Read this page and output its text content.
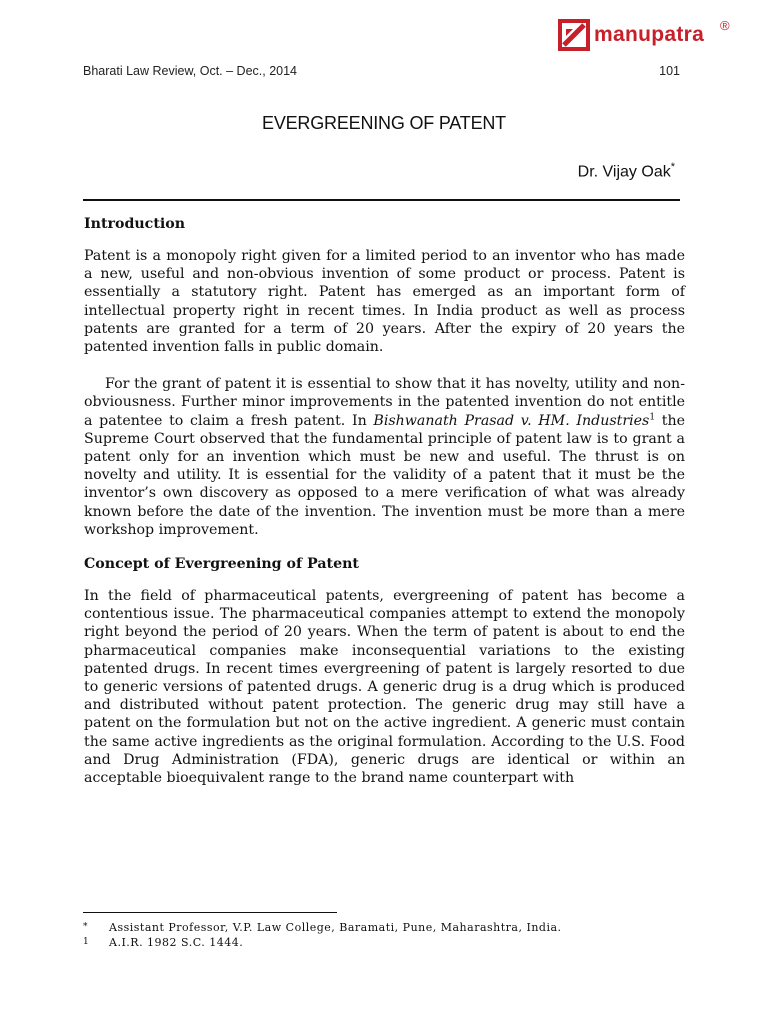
manupatra ®
Bharati Law Review, Oct. – Dec., 2014	101
EVERGREENING OF PATENT
Dr. Vijay Oak*
Introduction

Patent is a monopoly right given for a limited period to an inventor who has made a new, useful and non-obvious invention of some product or process. Patent is essentially a statutory right. Patent has emerged as an important form of intellectual property right in recent times. In India product as well as process patents are granted for a term of 20 years. After the expiry of 20 years the patented invention falls in public domain.

For the grant of patent it is essential to show that it has novelty, utility and non-obviousness. Further minor improvements in the patented invention do not entitle a patentee to claim a fresh patent. In Bishwanath Prasad v. HM. Industries$^1$ the Supreme Court observed that the fundamental principle of patent law is to grant a patent only for an invention which must be new and useful. The thrust is on novelty and utility. It is essential for the validity of a patent that it must be the inventor’s own discovery as opposed to a mere verification of what was already known before the date of the invention. The invention must be more than a mere workshop improvement.

Concept of Evergreening of Patent

In the field of pharmaceutical patents, evergreening of patent has become a contentious issue. The pharmaceutical companies attempt to extend the monopoly right beyond the period of 20 years. When the term of patent is about to end the pharmaceutical companies make inconsequential variations to the existing patented drugs. In recent times evergreening of patent is largely resorted to due to generic versions of patented drugs. A generic drug is a drug which is produced and distributed without patent protection. The generic drug may still have a patent on the formulation but not on the active ingredient. A generic must contain the same active ingredients as the original formulation. According to the U.S. Food and Drug Administration (FDA), generic drugs are identical or within an acceptable bioequivalent range to the brand name counterpart with

*	Assistant Professor, V.P. Law College, Baramati, Pune, Maharashtra, India.
1	A.I.R. 1982 S.C. 1444.
